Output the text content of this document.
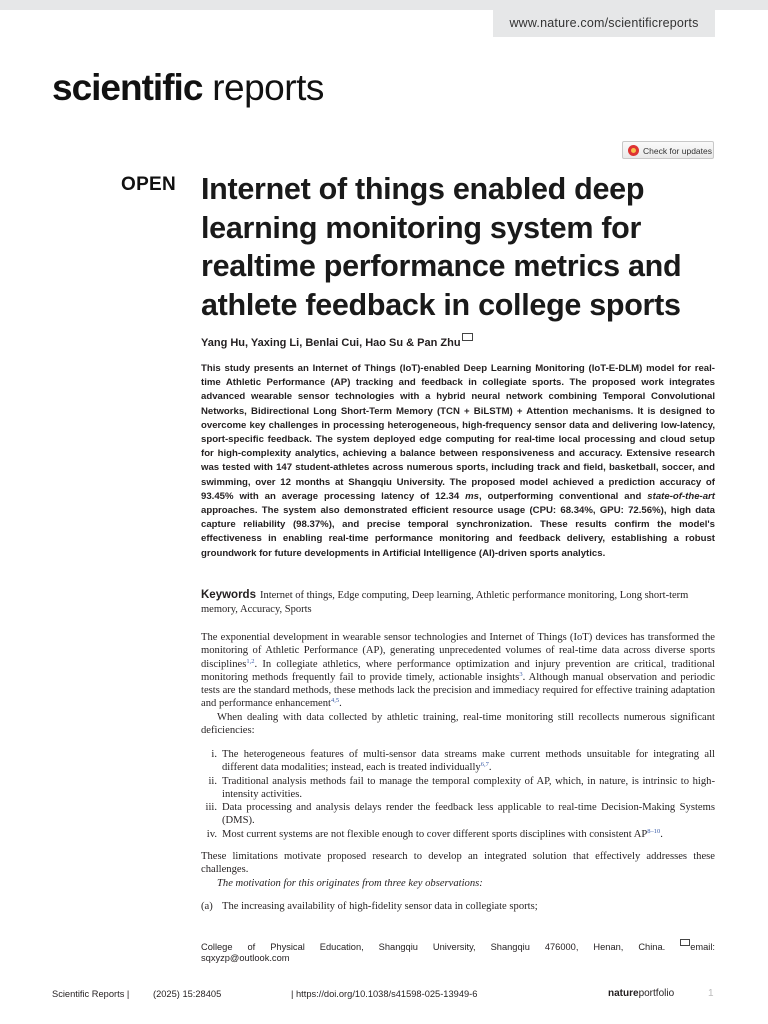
www.nature.com/scientificreports
scientific reports
Check for updates
OPEN Internet of things enabled deep learning monitoring system for realtime performance metrics and athlete feedback in college sports
Yang Hu, Yaxing Li, Benlai Cui, Hao Su & Pan Zhu

This study presents an Internet of Things (IoT)-enabled Deep Learning Monitoring (IoT-E-DLM) model for real-time Athletic Performance (AP) tracking and feedback in collegiate sports. The proposed work integrates advanced wearable sensor technologies with a hybrid neural network combining Temporal Convolutional Networks, Bidirectional Long Short-Term Memory (TCN + BiLSTM) + Attention mechanisms. It is designed to overcome key challenges in processing heterogeneous, high-frequency sensor data and delivering low-latency, sport-specific feedback. The system deployed edge computing for real-time local processing and cloud setup for high-complexity analytics, achieving a balance between responsiveness and accuracy. Extensive research was tested with 147 student-athletes across numerous sports, including track and field, basketball, soccer, and swimming, over 12 months at Shangqiu University. The proposed model achieved a prediction accuracy of 93.45% with an average processing latency of 12.34 ms, outperforming conventional and state-of-the-art approaches. The system also demonstrated efficient resource usage (CPU: 68.34%, GPU: 72.56%), high data capture reliability (98.37%), and precise temporal synchronization. These results confirm the model's effectiveness in enabling real-time performance monitoring and feedback delivery, establishing a robust groundwork for future developments in Artificial Intelligence (AI)-driven sports analytics.

Keywords Internet of things, Edge computing, Deep learning, Athletic performance monitoring, Long short-term memory, Accuracy, Sports

The exponential development in wearable sensor technologies and Internet of Things (IoT) devices has transformed the monitoring of Athletic Performance (AP), generating unprecedented volumes of real-time data across diverse sports disciplines$^{1,2}$. In collegiate athletics, where performance optimization and injury prevention are critical, traditional monitoring methods frequently fail to provide timely, actionable insights$^3$. Although manual observation and periodic tests are the standard methods, these methods lack the precision and immediacy required for effective training adaptation and performance enhancement$^{4,5}$.

When dealing with data collected by athletic training, real-time monitoring still recollects numerous significant deficiencies:

i. The heterogeneous features of multi-sensor data streams make current methods unsuitable for integrating all different data modalities; instead, each is treated individually$^{6,7}$.
ii. Traditional analysis methods fail to manage the temporal complexity of AP, which, in nature, is intrinsic to high-intensity activities.
iii. Data processing and analysis delays render the feedback less applicable to real-time Decision-Making Systems (DMS).
iv. Most current systems are not flexible enough to cover different sports disciplines with consistent AP$^{8-10}$.

These limitations motivate proposed research to develop an integrated solution that effectively addresses these challenges.

The motivation for this originates from three key observations:

(a) The increasing availability of high-fidelity sensor data in collegiate sports;

College of Physical Education, Shangqiu University, Shangqiu 476000, Henan, China.	email:

sqxyzp@outlook.com
Scientific Reports |	(2025) 15:28405	| https://doi.org/10.1038/s41598-025-13949-6	natureportfolio	1
